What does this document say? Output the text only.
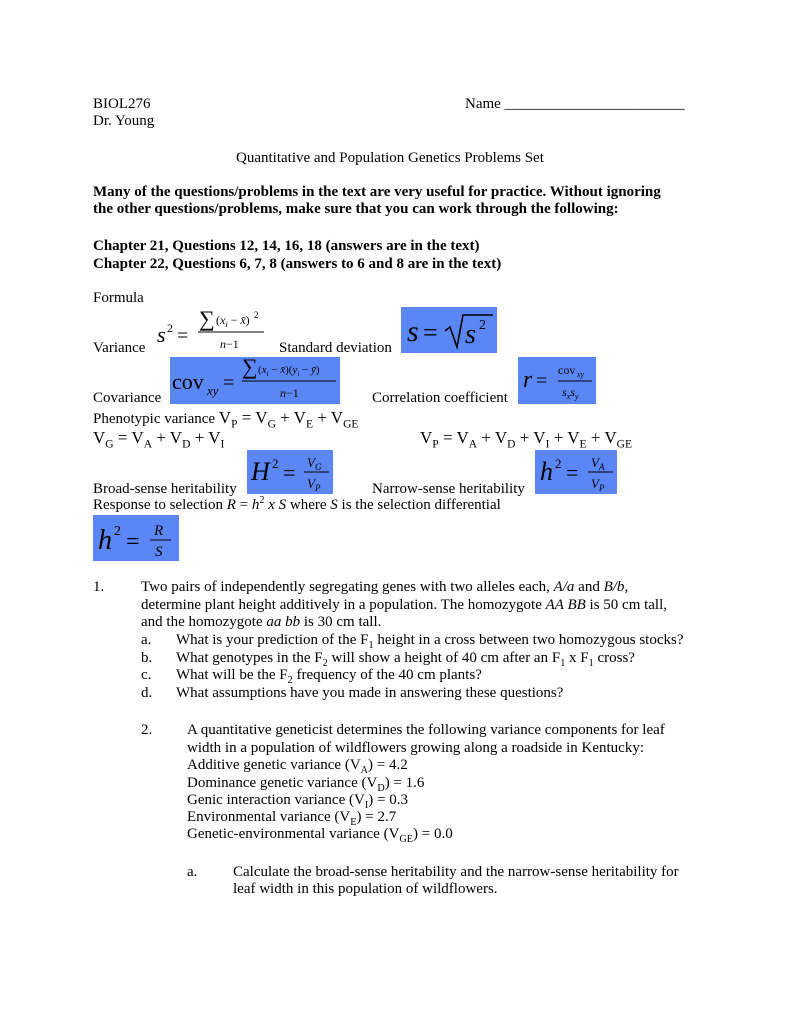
BIOL276
Dr. Young
Name ________________________
Quantitative and Population Genetics Problems Set
Many of the questions/problems in the text are very useful for practice. Without ignoring
the other questions/problems, make sure that you can work through the following:
Chapter 21, Questions 12, 14, 16, 18 (answers are in the text)
Chapter 22, Questions 6, 7, 8 (answers to 6 and 8 are in the text)
Formula
Variance
s 2 =
∑ ($x_i$ − x̄) 2
n−1	Standard deviation s = s 2
Covariance
cov xy =
∑ ($x_i$ − $x̄)(y_i$ − ȳ)
n−1	Correlation coefficient
r = cov xy
$s_xs_y$
Phenotypic variance $V_P = V_G + V_E + V_{GE}$
$V_G = V_A + V_D + V_I$	$V_P = V_A + V_D + V_I + V_E + V_{GE}$
Broad-sense heritability
H $2 = V_G$
$V_P$	Narrow-sense heritability
h $2 = V_A$
$V_P$
Response to selection $R = h^2$ x S where S is the selection differential
h 2 = R
S
1. Two pairs of independently segregating genes with two alleles each, A/a and B/b,
determine plant height additively in a population. The homozygote AA BB is 50 cm tall,
and the homozygote aa bb is 30 cm tall.
a. What is your prediction of the $F_1$ height in a cross between two homozygous stocks?
b. What genotypes in the $F_2$ will show a height of 40 cm after an $F_1$ x $F_1$ cross?
c. What will be the $F_2$ frequency of the 40 cm plants?
d. What assumptions have you made in answering these questions?
2. A quantitative geneticist determines the following variance components for leaf
width in a population of wildflowers growing along a roadside in Kentucky:
Additive genetic variance $(V_A) = 4.2$
Dominance genetic variance $(V_D) = 1.6$
Genic interaction variance $(V_I) = 0.3$
Environmental variance $(V_E) = 2.7$
Genetic-environmental variance $(V_{GE}) = 0.0$
a. Calculate the broad-sense heritability and the narrow-sense heritability for
leaf width in this population of wildflowers.
